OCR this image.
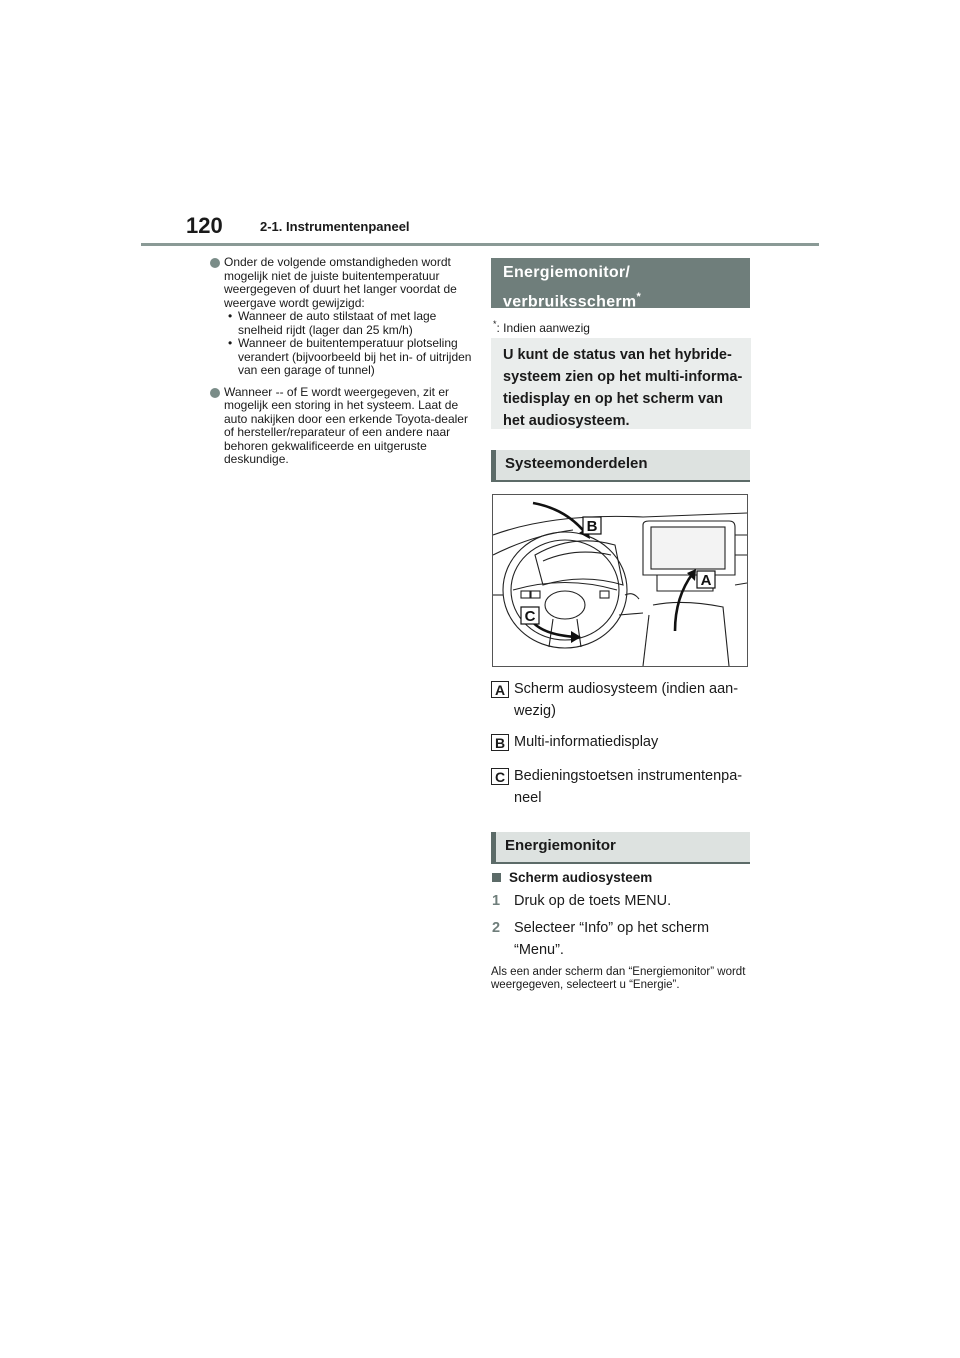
120	2-1. Instrumentenpaneel
Onder de volgende omstandigheden wordt mogelijk niet de juiste buitentemperatuur weergegeven of duurt het langer voordat de weergave wordt gewijzigd:
• Wanneer de auto stilstaat of met lage snelheid rijdt (lager dan 25 km/h)
• Wanneer de buitentemperatuur plotseling verandert (bijvoorbeeld bij het in- of uitrijden van een garage of tunnel)
Wanneer -- of E wordt weergegeven, zit er mogelijk een storing in het systeem. Laat de auto nakijken door een erkende Toyota-dealer of hersteller/reparateur of een andere naar behoren gekwalificeerde en uitgeruste deskundige.
Energiemonitor/
verbruiksscherm*
*: Indien aanwezig
U kunt de status van het hybride-systeem zien op het multi-informa-tiedisplay en op het scherm van het audiosysteem.
Systeemonderdelen
B
A
C
A Scherm audiosysteem (indien aan-wezig)
B Multi-informatiedisplay
C Bedieningstoetsen instrumentenpa-neel
Energiemonitor
Scherm audiosysteem
1 Druk op de toets MENU.
2 Selecteer “Info” op het scherm “Menu”.
Als een ander scherm dan “Energiemonitor” wordt weergegeven, selecteert u “Energie”.
